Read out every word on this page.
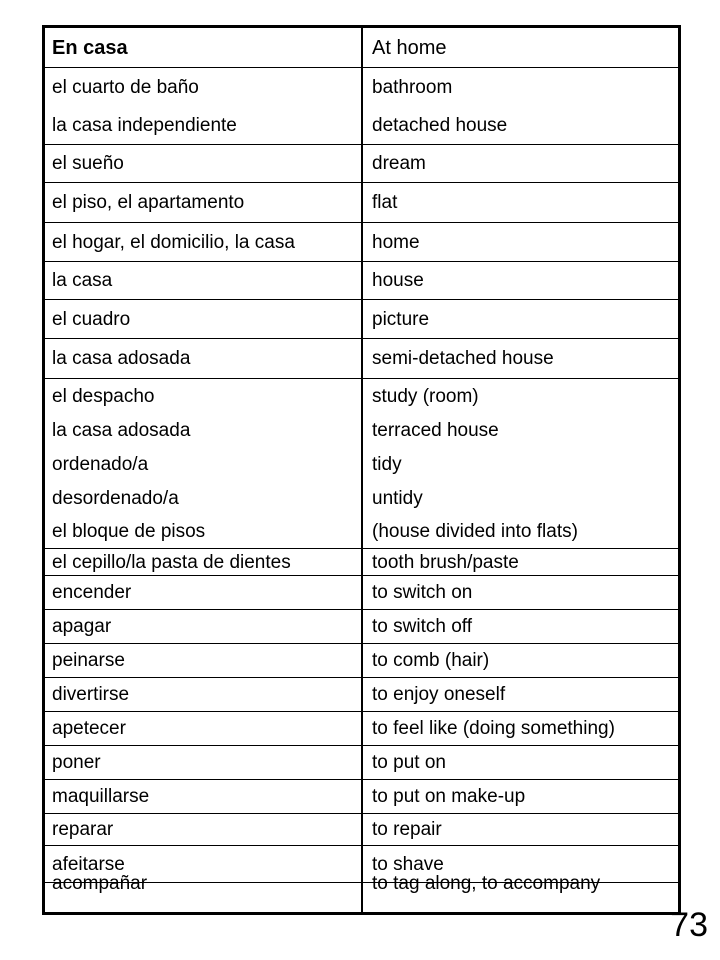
En casa	At home
el cuarto de baño	bathroom
la casa independiente	detached house
el sueño	dream
el piso, el apartamento	flat
el hogar, el domicilio, la casa	home
la casa	house
el cuadro	picture
la casa adosada	semi-detached house
el despacho	study (room)
la casa adosada	terraced house
ordenado/a	tidy
desordenado/a	untidy
el bloque de pisos	(house divided into flats)
el cepillo/la pasta de dientes	tooth brush/paste
encender	to switch on
apagar	to switch off
peinarse	to comb (hair)
divertirse	to enjoy oneself
apetecer	to feel like (doing something)
poner	to put on
maquillarse	to put on make-up
reparar	to repair
afeitarse	to shave
acompañar	to tag along, to accompany
73
